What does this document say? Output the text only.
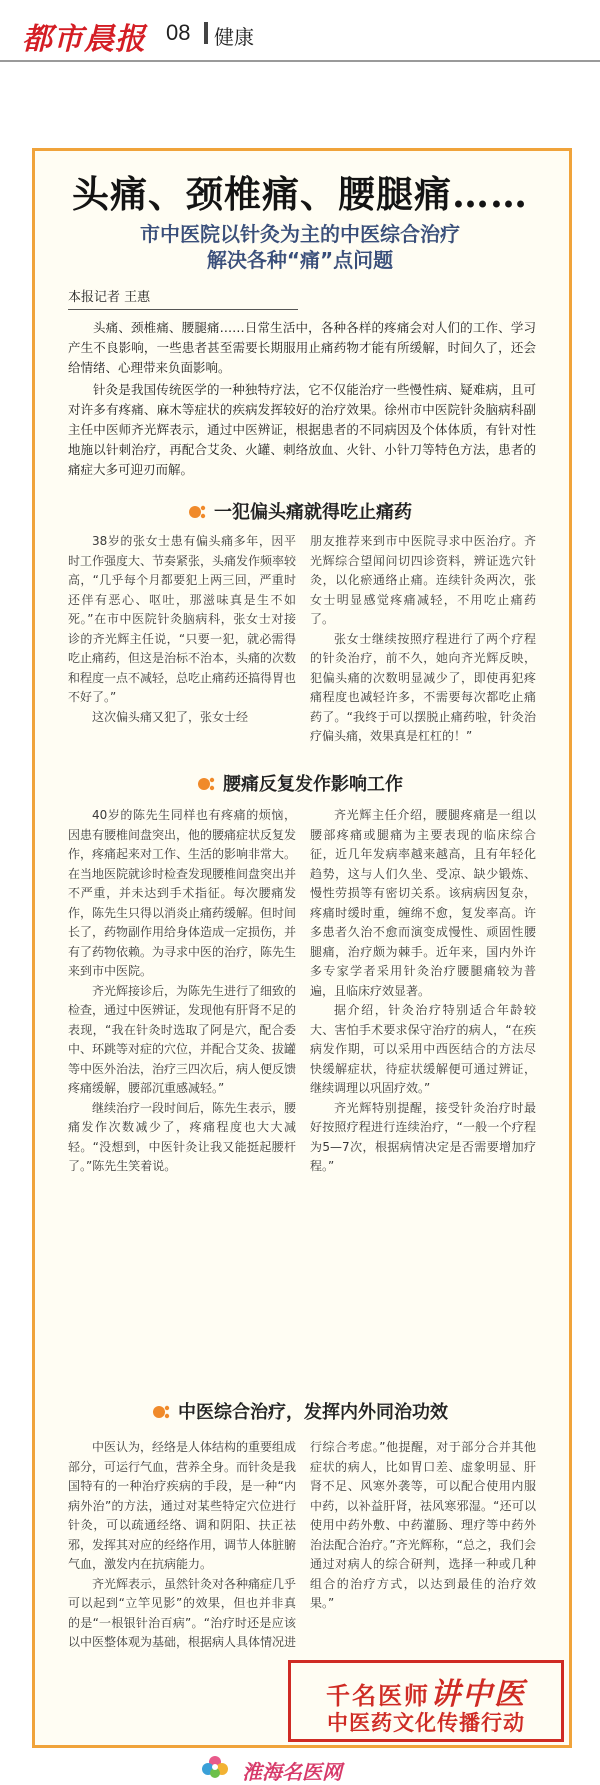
都市晨报 08 健康
头痛、颈椎痛、腰腿痛……
市中医院以针灸为主的中医综合治疗
解决各种“痛”点问题
本报记者 王惠

头痛、颈椎痛、腰腿痛……日常生活中，各种各样的疼痛会对人们的工作、学习产生不良影响，一些患者甚至需要长期服用止痛药物才能有所缓解，时间久了，还会给情绪、心理带来负面影响。

针灸是我国传统医学的一种独特疗法，它不仅能治疗一些慢性病、疑难病，且可对许多有疼痛、麻木等症状的疾病发挥较好的治疗效果。徐州市中医院针灸脑病科副主任中医师齐光辉表示，通过中医辨证，根据患者的不同病因及个体体质，有针对性地施以针刺治疗，再配合艾灸、火罐、刺络放血、火针、小针刀等特色方法，患者的痛症大多可迎刃而解。

一犯偏头痛就得吃止痛药

38岁的张女士患有偏头痛多年，因平时工作强度大、节奏紧张，头痛发作频率较高，“几乎每个月都要犯上两三回，严重时还伴有恶心、呕吐，那滋味真是生不如死。”在市中医院针灸脑病科，张女士对接诊的齐光辉主任说，“只要一犯，就必需得吃止痛药，但这是治标不治本，头痛的次数和程度一点不减轻，总吃止痛药还搞得胃也不好了。”

这次偏头痛又犯了，张女士经

朋友推荐来到市中医院寻求中医治疗。齐光辉综合望闻问切四诊资料，辨证选穴针灸，以化瘀通络止痛。连续针灸两次，张女士明显感觉疼痛减轻，不用吃止痛药了。

张女士继续按照疗程进行了两个疗程的针灸治疗，前不久，她向齐光辉反映，犯偏头痛的次数明显减少了，即使再犯疼痛程度也减轻许多，不需要每次都吃止痛药了。“我终于可以摆脱止痛药啦，针灸治疗偏头痛，效果真是杠杠的！”

腰痛反复发作影响工作

40岁的陈先生同样也有疼痛的烦恼，因患有腰椎间盘突出，他的腰痛症状反复发作，疼痛起来对工作、生活的影响非常大。在当地医院就诊时检查发现腰椎间盘突出并不严重，并未达到手术指征。每次腰痛发作，陈先生只得以消炎止痛药缓解。但时间长了，药物副作用给身体造成一定损伤，并有了药物依赖。为寻求中医的治疗，陈先生来到市中医院。

齐光辉接诊后，为陈先生进行了细致的检查，通过中医辨证，发现他有肝肾不足的表现，“我在针灸时选取了阿是穴，配合委中、环跳等对症的穴位，并配合艾灸、拔罐等中医外治法，治疗三四次后，病人便反馈疼痛缓解，腰部沉重感减轻。”

继续治疗一段时间后，陈先生表示，腰痛发作次数减少了，疼痛程度也大大减轻。“没想到，中医针灸让我又能挺起腰杆了。”陈先生笑着说。

齐光辉主任介绍，腰腿疼痛是一组以腰部疼痛或腿痛为主要表现的临床综合征，近几年发病率越来越高，且有年轻化趋势，这与人们久坐、受凉、缺少锻炼、慢性劳损等有密切关系。该病病因复杂，疼痛时缓时重，缠绵不愈，复发率高。许多患者久治不愈而演变成慢性、顽固性腰腿痛，治疗颇为棘手。近年来，国内外许多专家学者采用针灸治疗腰腿痛较为普遍，且临床疗效显著。

据介绍，针灸治疗特别适合年龄较大、害怕手术要求保守治疗的病人，“在疾病发作期，可以采用中西医结合的方法尽快缓解症状，待症状缓解便可通过辨证，继续调理以巩固疗效。”

齐光辉特别提醒，接受针灸治疗时最好按照疗程进行连续治疗，“一般一个疗程为5—7次，根据病情决定是否需要增加疗程。”

中医综合治疗，发挥内外同治功效

中医认为，经络是人体结构的重要组成部分，可运行气血，营养全身。而针灸是我国特有的一种治疗疾病的手段，是一种“内病外治”的方法，通过对某些特定穴位进行针灸，可以疏通经络、调和阴阳、扶正祛邪，发挥其对应的经络作用，调节人体脏腑气血，激发内在抗病能力。

齐光辉表示，虽然针灸对各种痛症几乎可以起到“立竿见影”的效果，但也并非真的是“一根银针治百病”。“治疗时还是应该以中医整体观为基础，根据病人具体情况进

行综合考虑。”他提醒，对于部分合并其他症状的病人，比如胃口差、虚象明显、肝肾不足、风寒外袭等，可以配合使用内服中药，以补益肝肾，祛风寒邪湿。“还可以使用中药外敷、中药灌肠、理疗等中药外治法配合治疗。”齐光辉称，“总之，我们会通过对病人的综合研判，选择一种或几种组合的治疗方式，以达到最佳的治疗效果。”

千名医师讲中医
中医药文化传播行动
淮海名医网
